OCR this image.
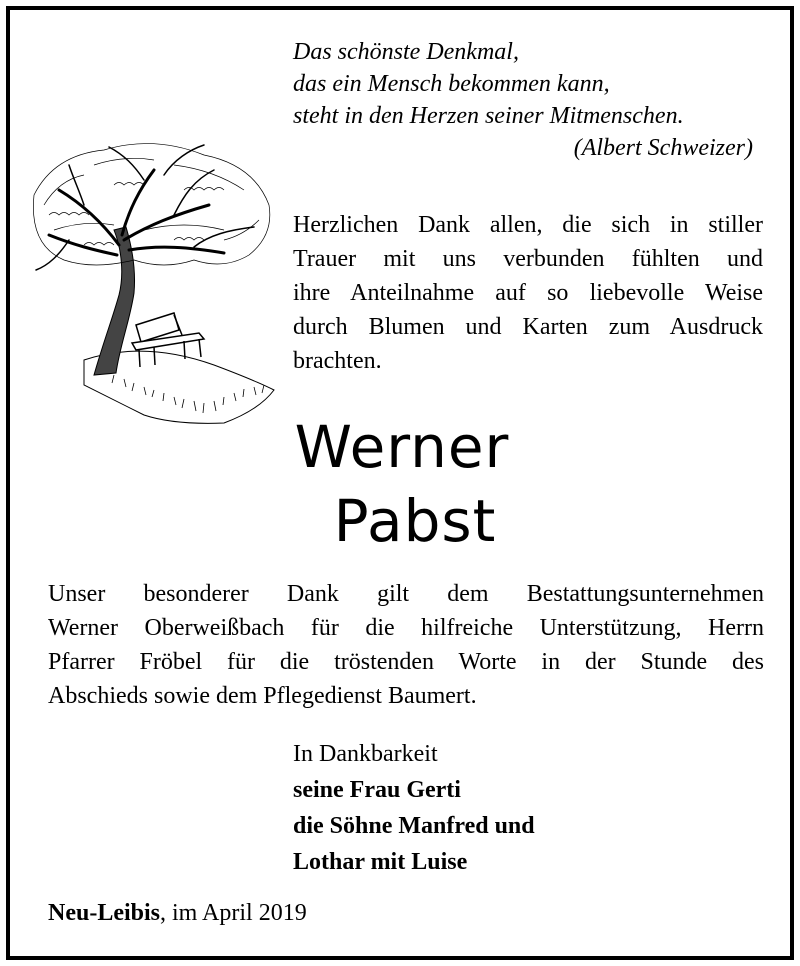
Das schönste Denkmal,
das ein Mensch bekommen kann,
steht in den Herzen seiner Mitmenschen.
(Albert Schweizer)
Herzlichen Dank allen, die sich in stiller
Trauer mit uns verbunden fühlten und
ihre Anteilnahme auf so liebevolle Weise
durch Blumen und Karten zum Ausdruck
brachten.
Werner
Pabst

Unser besonderer Dank gilt dem Bestattungsunternehmen

Werner Oberweißbach für die hilfreiche Unterstützung, Herrn

Pfarrer Fröbel für die tröstenden Worte in der Stunde des

Abschieds sowie dem Pflegedienst Baumert.

In Dankbarkeit
seine Frau Gerti
die Söhne Manfred und
Lothar mit Luise
Neu-Leibis, im April 2019
